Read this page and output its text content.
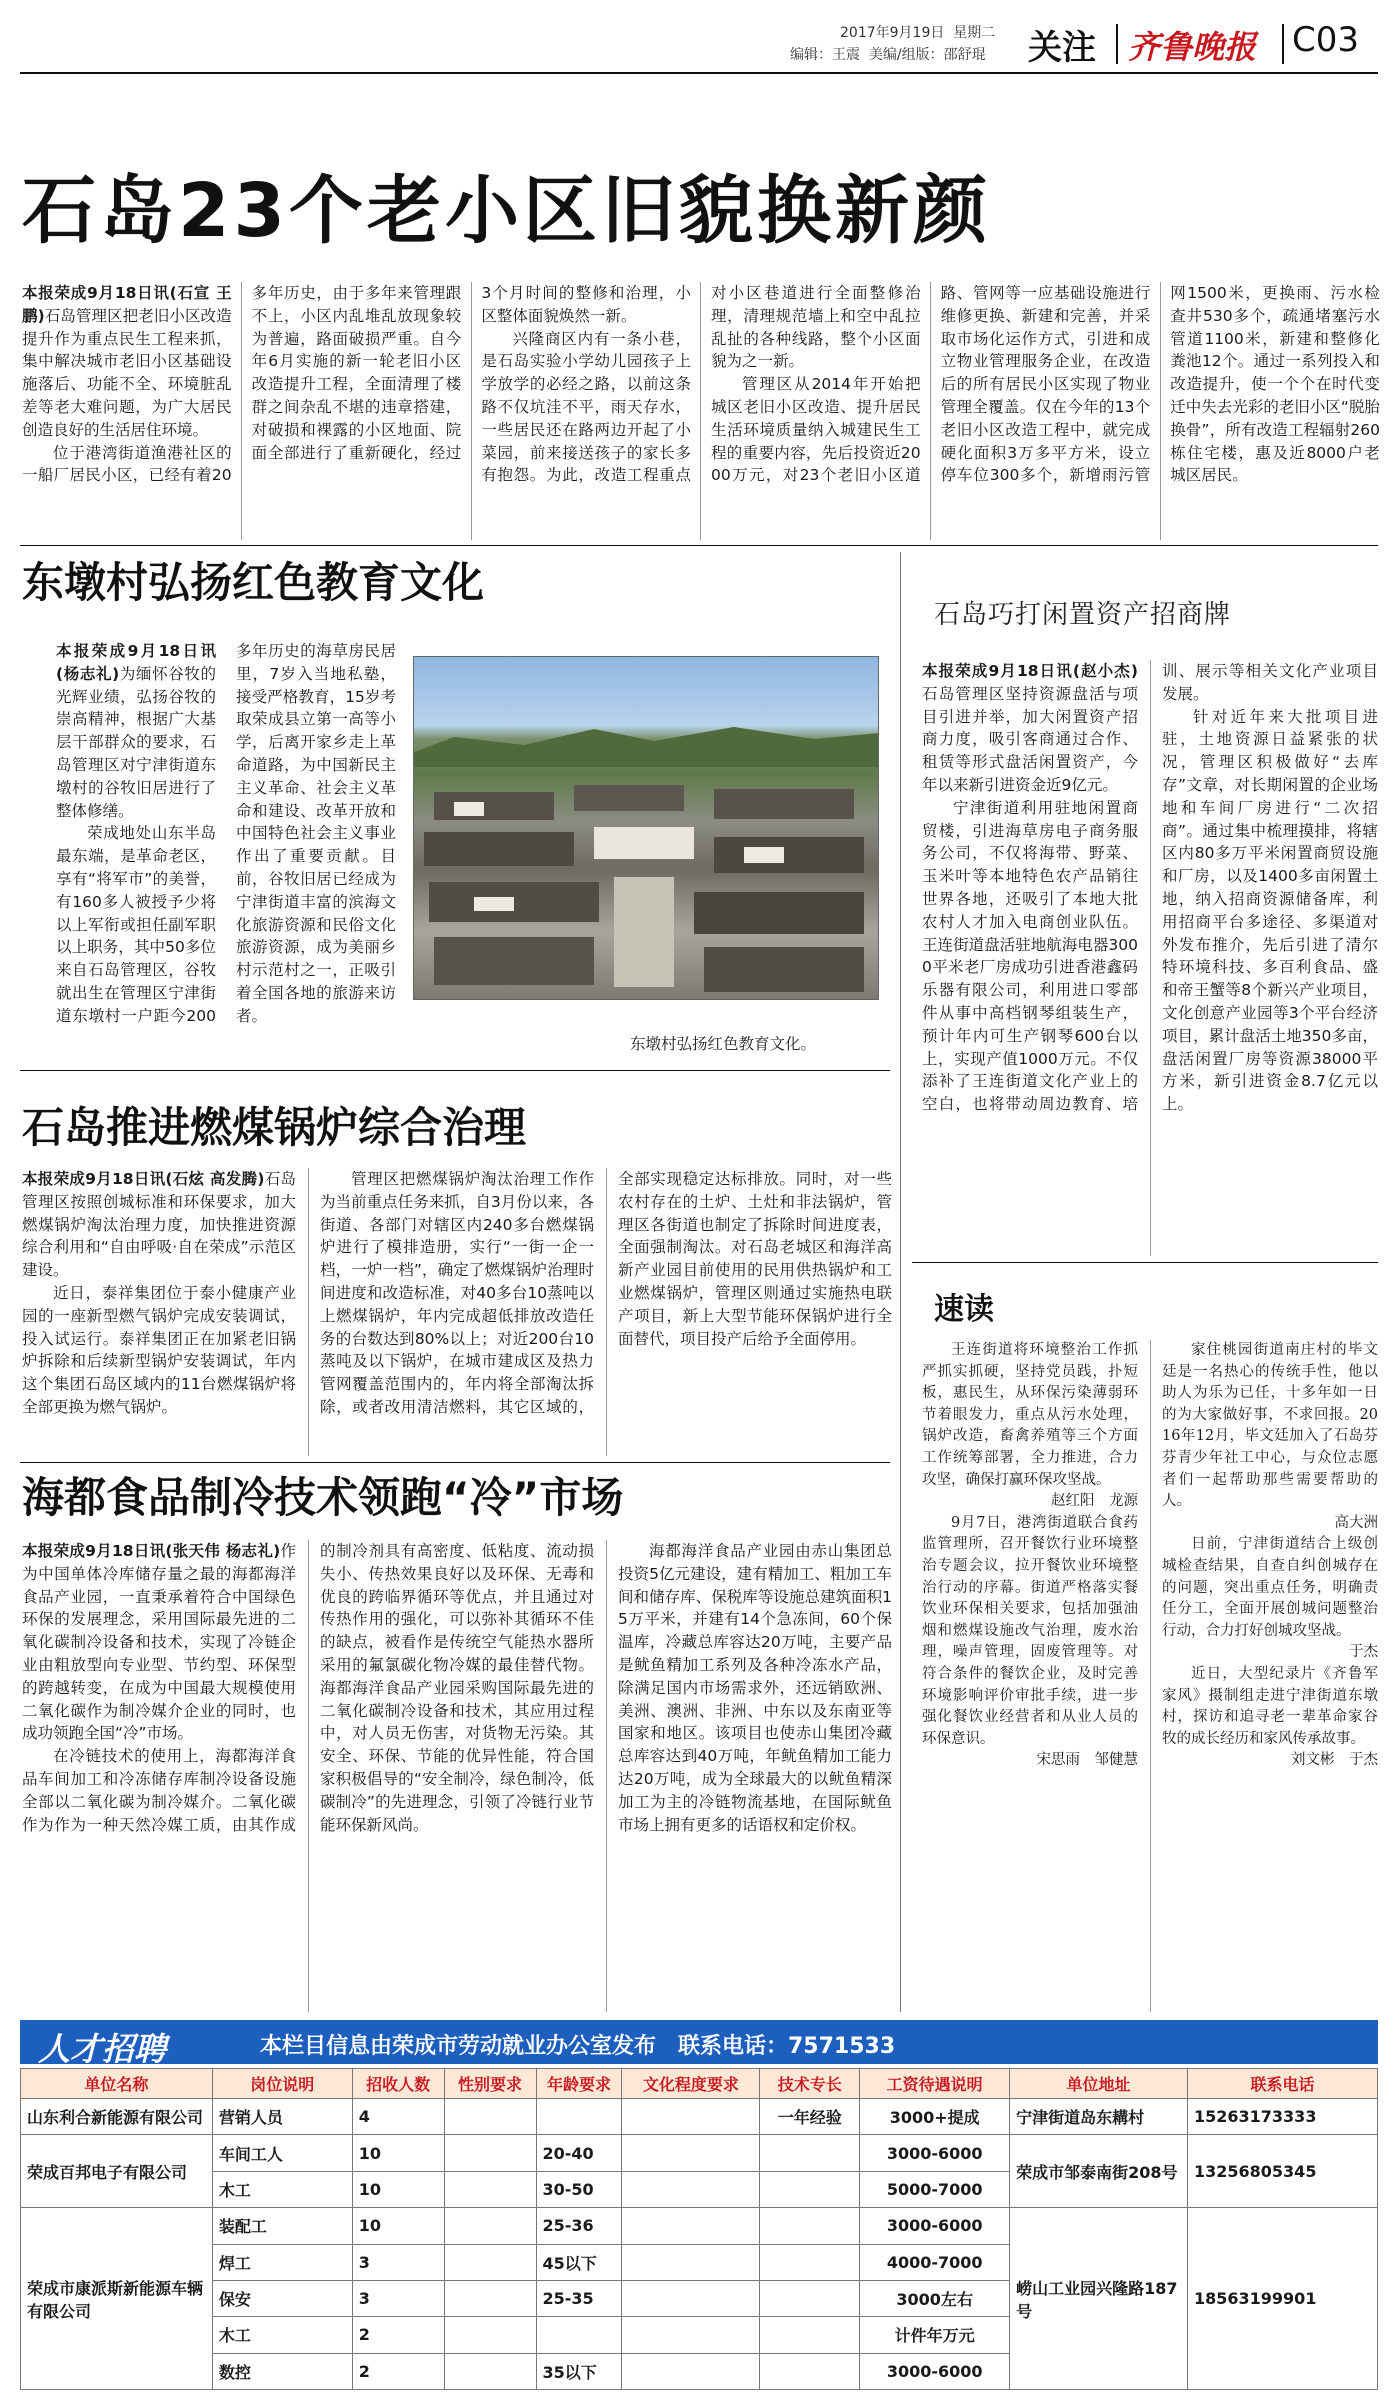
2017年9月19日 星期二
编辑：王震 美编/组版：邵舒琨 关注 齐鲁晚报 C03
石岛23个老小区旧貌换新颜

本报荣成9月18日讯(石宣 王鹏)石岛管理区把老旧小区改造提升作为重点民生工程来抓，集中解决城市老旧小区基础设施落后、功能不全、环境脏乱差等老大难问题，为广大居民创造良好的生活居住环境。

位于港湾街道渔港社区的一船厂居民小区，已经有着20多年历史，由于多年来管理跟不上，小区内乱堆乱放现象较为普遍，路面破损严重。自今年6月实施的新一轮老旧小区改造提升工程，全面清理了楼群之间杂乱不堪的违章搭建，对破损和裸露的小区地面、院面全部进行了重新硬化，经过3个月时间的整修和治理，小区整体面貌焕然一新。

兴隆商区内有一条小巷，是石岛实验小学幼儿园孩子上学放学的必经之路，以前这条路不仅坑洼不平，雨天存水，一些居民还在路两边开起了小菜园，前来接送孩子的家长多有抱怨。为此，改造工程重点对小区巷道进行全面整修治理，清理规范墙上和空中乱拉乱扯的各种线路，整个小区面貌为之一新。

管理区从2014年开始把城区老旧小区改造、提升居民生活环境质量纳入城建民生工程的重要内容，先后投资近2000万元，对23个老旧小区道路、管网等一应基础设施进行维修更换、新建和完善，并采取市场化运作方式，引进和成立物业管理服务企业，在改造后的所有居民小区实现了物业管理全覆盖。仅在今年的13个老旧小区改造工程中，就完成硬化面积3万多平方米，设立停车位300多个，新增雨污管网1500米，更换雨、污水检查井530多个，疏通堵塞污水管道1100米，新建和整修化粪池12个。通过一系列投入和改造提升，使一个个在时代变迁中失去光彩的老旧小区“脱胎换骨”，所有改造工程辐射260栋住宅楼，惠及近8000户老城区居民。

东墩村弘扬红色教育文化

本报荣成9月18日讯(杨志礼)为缅怀谷牧的光辉业绩，弘扬谷牧的崇高精神，根据广大基层干部群众的要求，石岛管理区对宁津街道东墩村的谷牧旧居进行了整体修缮。

荣成地处山东半岛最东端，是革命老区，享有“将军市”的美誉，有160多人被授予少将以上军衔或担任副军职以上职务，其中50多位来自石岛管理区，谷牧就出生在管理区宁津街道东墩村一户距今200多年历史的海草房民居里，7岁入当地私塾，接受严格教育，15岁考取荣成县立第一高等小学，后离开家乡走上革命道路，为中国新民主主义革命、社会主义革命和建设、改革开放和中国特色社会主义事业作出了重要贡献。目前，谷牧旧居已经成为宁津街道丰富的滨海文化旅游资源和民俗文化旅游资源，成为美丽乡村示范村之一，正吸引着全国各地的旅游来访者。

东墩村弘扬红色教育文化。
石岛巧打闲置资产招商牌

本报荣成9月18日讯(赵小杰)石岛管理区坚持资源盘活与项目引进并举，加大闲置资产招商力度，吸引客商通过合作、租赁等形式盘活闲置资产，今年以来新引进资金近9亿元。

宁津街道利用驻地闲置商贸楼，引进海草房电子商务服务公司，不仅将海带、野菜、玉米叶等本地特色农产品销往世界各地，还吸引了本地大批农村人才加入电商创业队伍。王连街道盘活驻地航海电器3000平米老厂房成功引进香港鑫码乐器有限公司，利用进口零部件从事中高档钢琴组装生产，预计年内可生产钢琴600台以上，实现产值1000万元。不仅添补了王连街道文化产业上的空白，也将带动周边教育、培训、展示等相关文化产业项目发展。

针对近年来大批项目进驻，土地资源日益紧张的状况，管理区积极做好“去库存”文章，对长期闲置的企业场地和车间厂房进行“二次招商”。通过集中梳理摸排，将辖区内80多万平米闲置商贸设施和厂房，以及1400多亩闲置土地，纳入招商资源储备库，利用招商平台多途径、多渠道对外发布推介，先后引进了清尔特环境科技、多百利食品、盛和帝王蟹等8个新兴产业项目，文化创意产业园等3个平台经济项目，累计盘活土地350多亩，盘活闲置厂房等资源38000平方米，新引进资金8.7亿元以上。

石岛推进燃煤锅炉综合治理

本报荣成9月18日讯(石炫 高发腾)石岛管理区按照创城标准和环保要求，加大燃煤锅炉淘汰治理力度，加快推进资源综合利用和“自由呼吸·自在荣成”示范区建设。

近日，泰祥集团位于泰小健康产业园的一座新型燃气锅炉完成安装调试，投入试运行。泰祥集团正在加紧老旧锅炉拆除和后续新型锅炉安装调试，年内这个集团石岛区域内的11台燃煤锅炉将全部更换为燃气锅炉。

管理区把燃煤锅炉淘汰治理工作作为当前重点任务来抓，自3月份以来，各街道、各部门对辖区内240多台燃煤锅炉进行了模排造册，实行“一街一企一档，一炉一档”，确定了燃煤锅炉治理时间进度和改造标准，对40多台10蒸吨以上燃煤锅炉，年内完成超低排放改造任务的台数达到80%以上；对近200台10蒸吨及以下锅炉，在城市建成区及热力管网覆盖范围内的，年内将全部淘汰拆除，或者改用清洁燃料，其它区域的，全部实现稳定达标排放。同时，对一些农村存在的土炉、土灶和非法锅炉，管理区各街道也制定了拆除时间进度表，全面强制淘汰。对石岛老城区和海洋高新产业园目前使用的民用供热锅炉和工业燃煤锅炉，管理区则通过实施热电联产项目，新上大型节能环保锅炉进行全面替代，项目投产后给予全面停用。

海都食品制冷技术领跑“冷”市场

本报荣成9月18日讯(张天伟 杨志礼)作为中国单体冷库储存量之最的海都海洋食品产业园，一直秉承着符合中国绿色环保的发展理念，采用国际最先进的二氧化碳制冷设备和技术，实现了冷链企业由粗放型向专业型、节约型、环保型的跨越转变，在成为中国最大规模使用二氧化碳作为制冷媒介企业的同时，也成功领跑全国“冷”市场。

在冷链技术的使用上，海都海洋食品车间加工和冷冻储存库制冷设备设施全部以二氧化碳为制冷媒介。二氧化碳作为作为一种天然冷媒工质，由其作成的制冷剂具有高密度、低粘度、流动损失小、传热效果良好以及环保、无毒和优良的跨临界循环等优点，并且通过对传热作用的强化，可以弥补其循环不佳的缺点，被看作是传统空气能热水器所采用的氟氯碳化物冷媒的最佳替代物。海都海洋食品产业园采购国际最先进的二氧化碳制冷设备和技术，其应用过程中，对人员无伤害，对货物无污染。其安全、环保、节能的优异性能，符合国家积极倡导的“安全制冷，绿色制冷，低碳制冷”的先进理念，引领了冷链行业节能环保新风尚。

海都海洋食品产业园由赤山集团总投资5亿元建设，建有精加工、粗加工车间和储存库、保税库等设施总建筑面积15万平米，并建有14个急冻间，60个保温库，冷藏总库容达20万吨，主要产品是鱿鱼精加工系列及各种冷冻水产品，除满足国内市场需求外，还远销欧洲、美洲、澳洲、非洲、中东以及东南亚等国家和地区。该项目也使赤山集团冷藏总库容达到40万吨，年鱿鱼精加工能力达20万吨，成为全球最大的以鱿鱼精深加工为主的冷链物流基地，在国际鱿鱼市场上拥有更多的话语权和定价权。

速读

王连街道将环境整治工作抓严抓实抓硬，坚持党员践，扑短板，惠民生，从环保污染薄弱环节着眼发力，重点从污水处理，锅炉改造，畜禽养殖等三个方面工作统筹部署，全力推进，合力攻坚，确保打赢环保攻坚战。

赵红阳　龙源

9月7日，港湾街道联合食药监管理所，召开餐饮行业环境整治专题会议，拉开餐饮业环境整治行动的序幕。街道严格落实餐饮业环保相关要求，包括加强油烟和燃煤设施改气治理，废水治理，噪声管理，固废管理等。对符合条件的餐饮企业，及时完善环境影响评价审批手续，进一步强化餐饮业经营者和从业人员的环保意识。

宋思雨　邹健慧

家住桃园街道南庄村的毕文廷是一名热心的传统手性，他以助人为乐为已任，十多年如一日的为大家做好事，不求回报。2016年12月，毕文廷加入了石岛芬芬青少年社工中心，与众位志愿者们一起帮助那些需要帮助的人。

高大洲

日前，宁津街道结合上级创城检查结果，自查自纠创城存在的问题，突出重点任务，明确责任分工，全面开展创城问题整治行动，合力打好创城攻坚战。

于杰

近日，大型纪录片《齐鲁军家风》摄制组走进宁津街道东墩村，探访和追寻老一辈革命家谷牧的成长经历和家风传承故事。

刘文彬　于杰

人才招聘	本栏目信息由荣成市劳动就业办公室发布　联系电话：7571533
单位名称	岗位说明	招收人数	性别要求	年龄要求	文化程度要求	技术专长	工资待遇说明	单位地址	联系电话
山东利合新能源有限公司	营销人员	4				一年经验	3000+提成	宁津街道岛东耩村	15263173333
荣成百邦电子有限公司	车间工人	10		20-40			3000-6000	荣成市邹泰南街208号	13256805345
	木工	10		30-50			5000-7000		
荣成市康派斯新能源车辆有限公司	装配工	10		25-36			3000-6000	崂山工业园兴隆路187号	18563199901
	焊工	3		45以下			4000-7000		
	保安	3		25-35			3000左右		
	木工	2					计件年万元		
	数控	2		35以下			3000-6000		
